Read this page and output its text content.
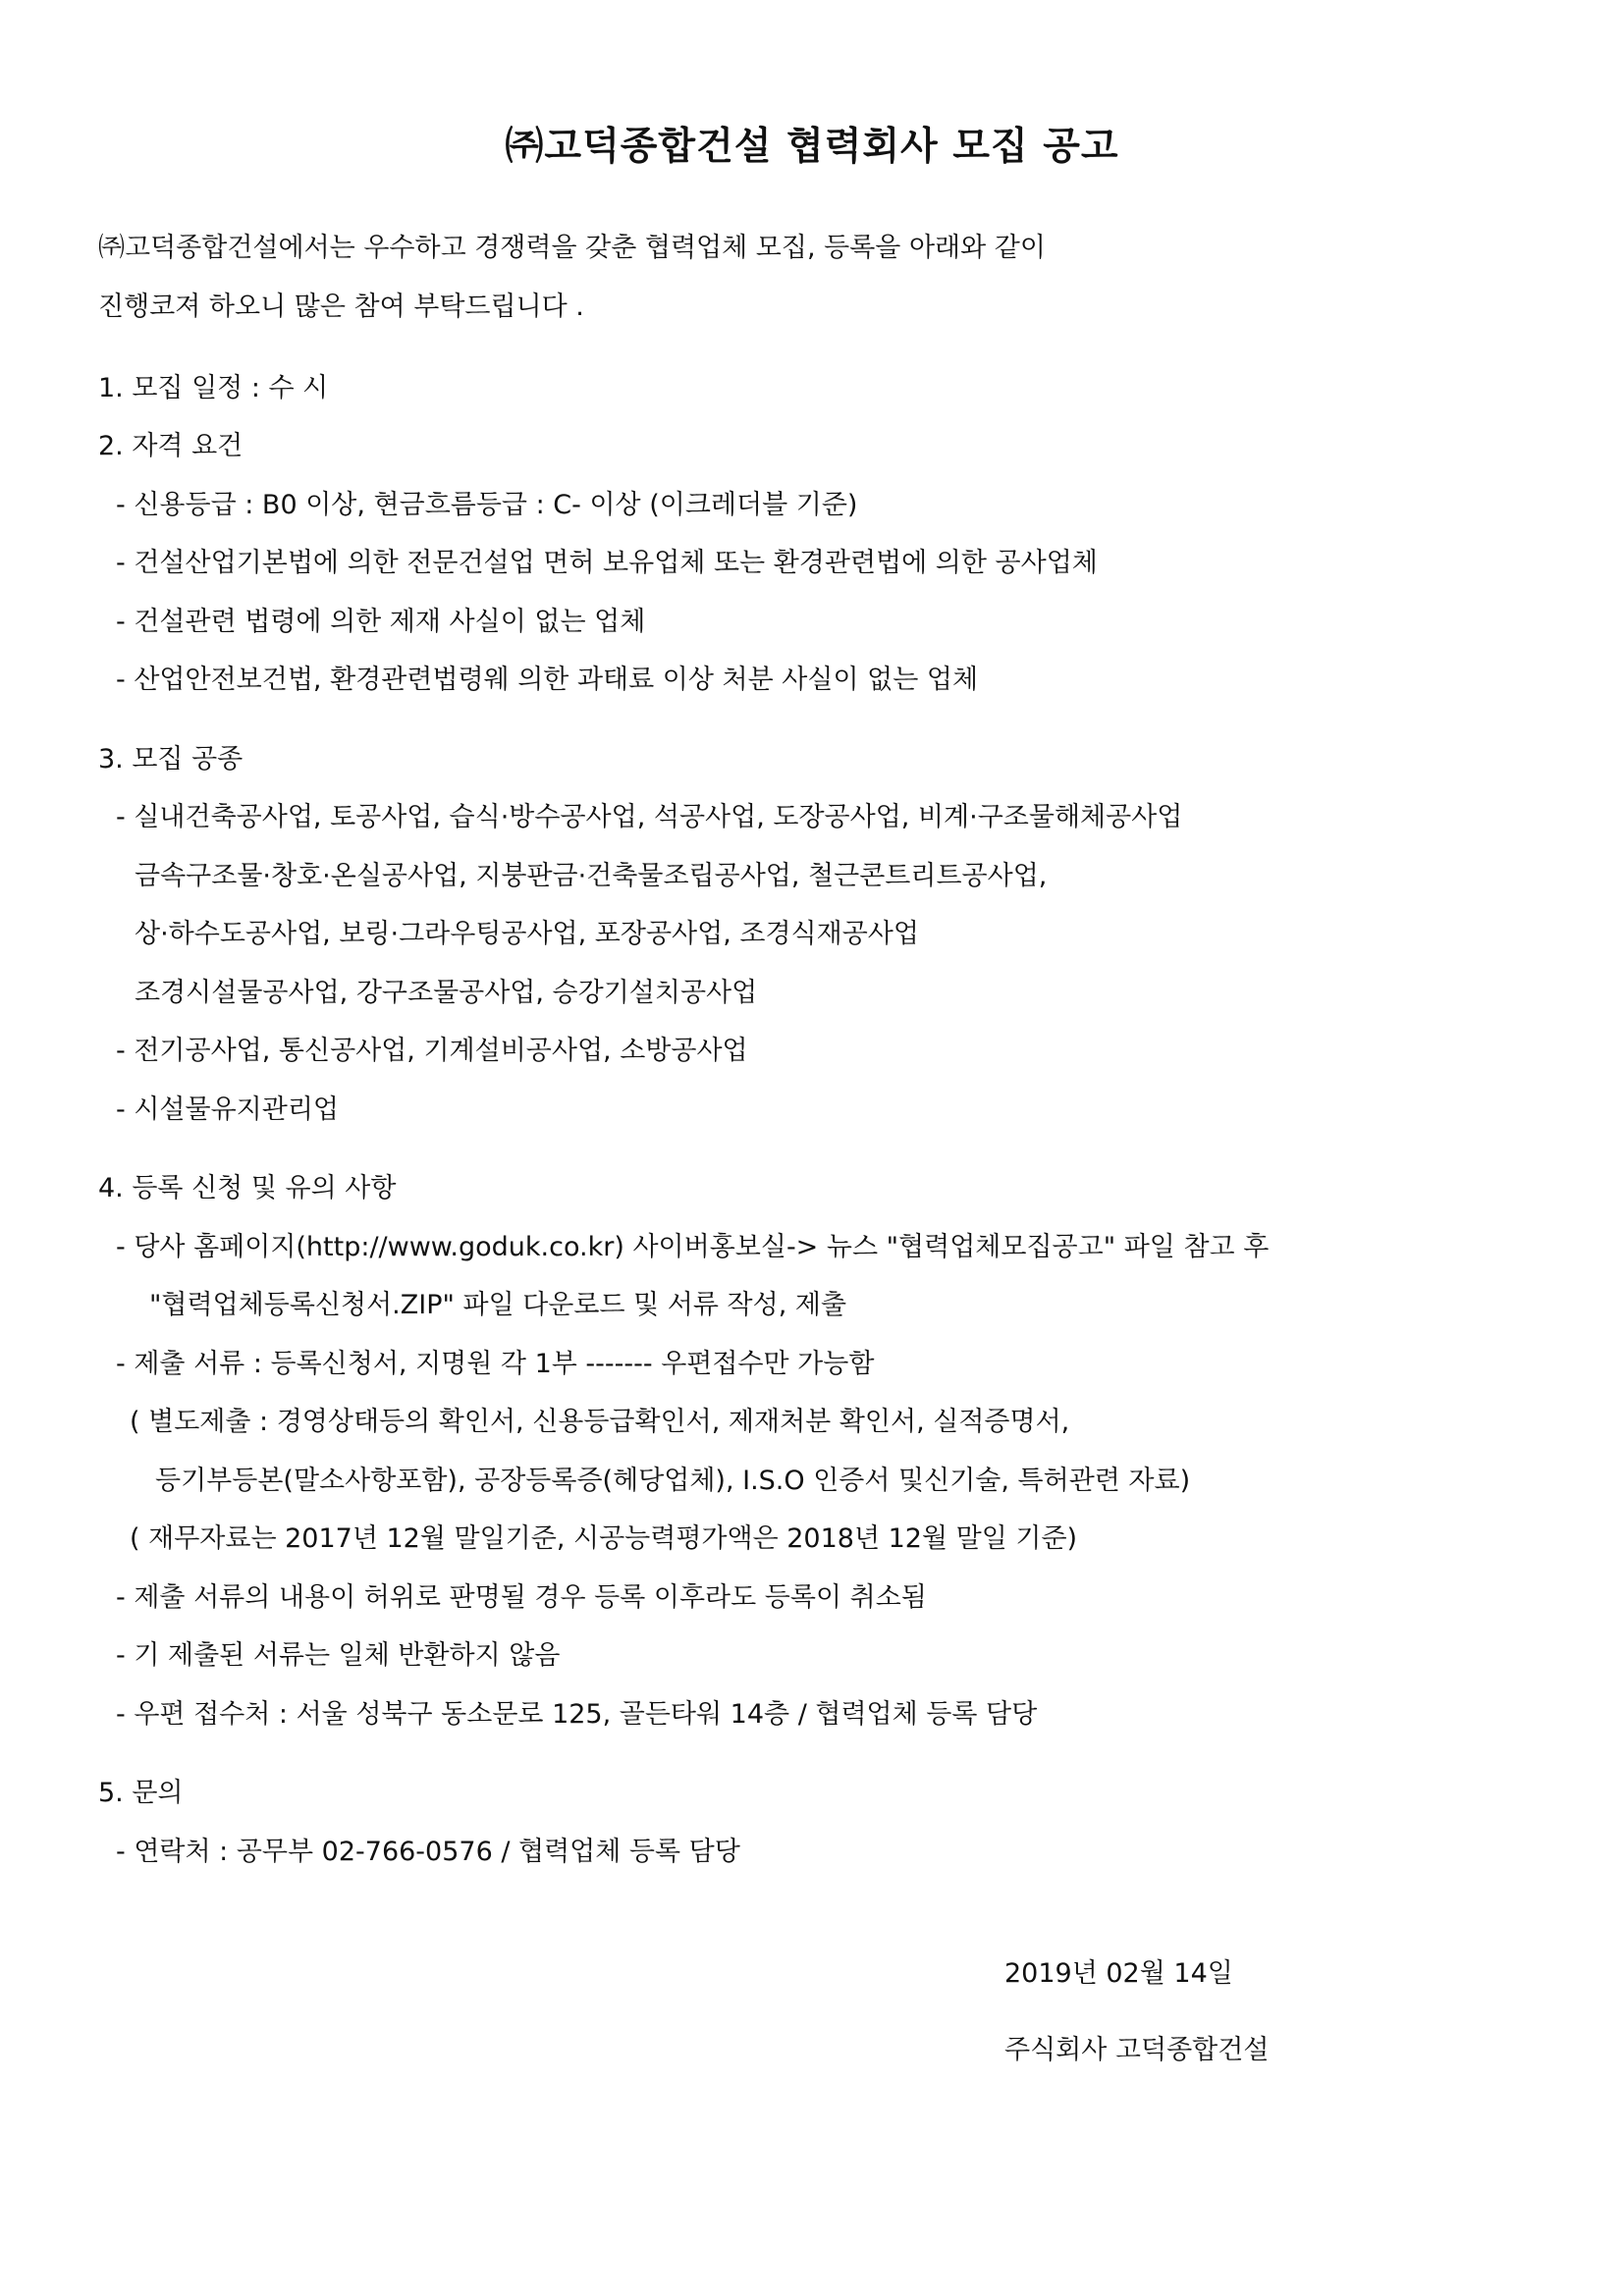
㈜고덕종합건설 협력회사 모집 공고
㈜고덕종합건설에서는 우수하고 경쟁력을 갖춘 협력업체 모집, 등록을 아래와 같이
진행코져 하오니 많은 참여 부탁드립니다 .
1. 모집 일정 : 수 시
2. 자격 요건
- 신용등급 : B0 이상, 현금흐름등급 : C- 이상 (이크레더블 기준)
- 건설산업기본법에 의한 전문건설업 면허 보유업체 또는 환경관련법에 의한 공사업체
- 건설관련 법령에 의한 제재 사실이 없는 업체
- 산업안전보건법, 환경관련법령웨 의한 과태료 이상 처분 사실이 없는 업체
3. 모집 공종
- 실내건축공사업, 토공사업, 습식·방수공사업, 석공사업, 도장공사업, 비계·구조물해체공사업
금속구조물·창호·온실공사업, 지붕판금·건축물조립공사업, 철근콘트리트공사업,
상·하수도공사업, 보링·그라우팅공사업, 포장공사업, 조경식재공사업
조경시설물공사업, 강구조물공사업, 승강기설치공사업
- 전기공사업, 통신공사업, 기계설비공사업, 소방공사업
- 시설물유지관리업
4. 등록 신청 및 유의 사항
- 당사 홈페이지(http://www.goduk.co.kr) 사이버홍보실-> 뉴스 "협력업체모집공고" 파일 참고 후
"협력업체등록신청서.ZIP" 파일 다운로드 및 서류 작성, 제출
- 제출 서류 : 등록신청서, 지명원 각 1부 ------- 우편접수만 가능함
( 별도제출 : 경영상태등의 확인서, 신용등급확인서, 제재처분 확인서, 실적증명서,
등기부등본(말소사항포함), 공장등록증(헤당업체), I.S.O 인증서 및신기술, 특허관련 자료)
( 재무자료는 2017년 12월 말일기준, 시공능력평가액은 2018년 12월 말일 기준)
- 제출 서류의 내용이 허위로 판명될 경우 등록 이후라도 등록이 취소됨
- 기 제출된 서류는 일체 반환하지 않음
- 우편 접수처 : 서울 성북구 동소문로 125, 골든타워 14층 / 협력업체 등록 담당
5. 문의
- 연락처 : 공무부 02-766-0576 / 협력업체 등록 담당
2019년 02월 14일
주식회사 고덕종합건설
